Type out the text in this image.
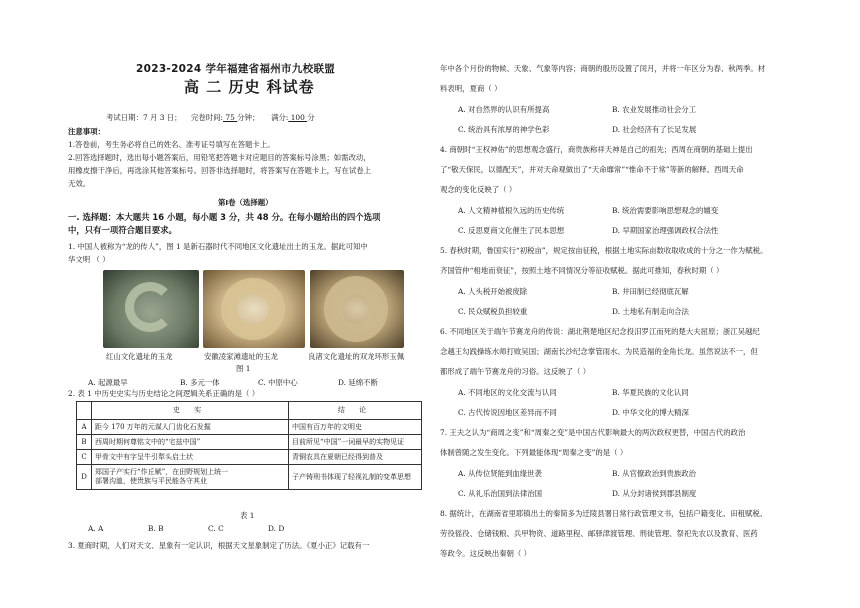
2023-2024 学年福建省福州市九校联盟
高 二 历史 科试卷
考试日期：7 月 3 日； 完卷时间: 75 分钟； 满分: 100 分
注意事项：
1.答卷前，考生务必将自己的姓名、准考证号填写在答题卡上。
2.回答选择题时，选出每小题答案后，用铅笔把答题卡对应题目的答案标号涂黑；如需改动，
用橡皮擦干净后，再选涂其他答案标号。回答非选择题时，将答案写在答题卡上，写在试卷上
无效。
第Ⅰ卷（选择题）
一. 选择题：本大题共 16 小题，每小题 3 分，共 48 分。在每小题给出的四个选项
中，只有一项符合题目要求。
1. 中国人被称为“龙的传人”，图 1 是新石器时代不同地区文化遗址出土的玉龙。据此可知中
华文明 （ ）
红山文化遗址的玉龙	安徽凌家滩遗址的玉龙	良渚文化遗址的双龙环形玉佩
图 1
A. 起源最早	B. 多元一体	C. 中原中心	D. 延绵不断
2. 表 1 中历史史实与历史结论之间逻辑关系正确的是（ ）
	史 实	结 论
A	距今 170 万年的元谋人门齿化石发掘	中国有百万年的文明史
B	西周时期何尊铭文中的“宅兹中国”	目前所见“中国”一词最早的实物见证
C	甲骨文中有字呈牛引犁头启土状	青铜农具在夏朝已经得到普及
D	郑国子产实行“作丘赋”，在田野规划上统一
部署沟洫，使贵族与平民能各守其业	子产铸刑书体现了轻视礼制的变革思想
表 1
A. A	B. B	C. C	D. D
3. 夏商时期，人们对天文、星象有一定认识，根据天文星象制定了历法。《夏小正》记载有一
年中各个月份的物候、天象、气象等内容；商朝的殷历设置了闰月，并将一年区分为春、秋两季。材
料表明，夏商（ ）
A. 对自然界的认识有所提高	B. 农业发展推动社会分工
C. 统治具有浓厚的神学色彩	D. 社会经济有了长足发展
4. 商朝时“王权神佑”的思想观念盛行，商贵族称祥天神是自己的祖先；西周在商朝的基础上提出
了“敬天保民，以德配天”，并对天命观做出了“天命靡常”“惟命不于常”等新的解释。西周天命
观念的变化反映了（ ）
A. 人文精神植根久远的历史传统	B. 统治需要影响思想观念的嬗变
C. 反思夏商文化催生了民本思想	D. 早期国家治理强调政权合法性
5. 春秋时期，鲁国实行“初税亩”，规定按亩征税，根据土地实际亩数收取收成的十分之一作为赋税。
齐国管仲“相地而衰征”，按照土地不同情况分等征收赋税。据此可推知，春秋时期（ ）
A. 人头税开始被废除	B. 井田制已经彻底瓦解
C. 民众赋税负担较重	D. 土地私有制走向合法
6. 不同地区关于端午节赛龙舟的传说：湖北荆楚地区纪念投汨罗江而死的楚大夫屈原；浙江吴越纪
念越王勾践操练水师打败吴国；湖南长沙纪念掌管雨水、为民造福的金角长龙。虽然说法不一，但
都形成了端午节赛龙舟的习俗。这反映了（ ）
A. 不同地区的文化交流与认同	B. 华夏民族的文化认同
C. 古代传说因地区差异而不同	D. 中华文化的博大精深
7. 王夫之认为“商周之变”和“周秦之变”是中国古代影响最大的两次政权更替，中国古代的政治
体制曾随之发生变化。下列最能体现“周秦之变”的是（ ）
A. 从传位贤能到血缘世袭	B. 从官僚政治到贵族政治
C. 从礼乐治国到法律治国	D. 从分封诸侯到郡县制度
8. 据统计，在湖南省里耶镇出土的秦简多为迁陵县署日常行政管理文书，包括户籍变化、田租赋税、
劳役徭役、仓储钱粮、兵甲物资、道路里程、邮驿津渡管理、刑徒管理、祭祀先农以及教育、医药
等政令。这反映出秦朝（ ）
